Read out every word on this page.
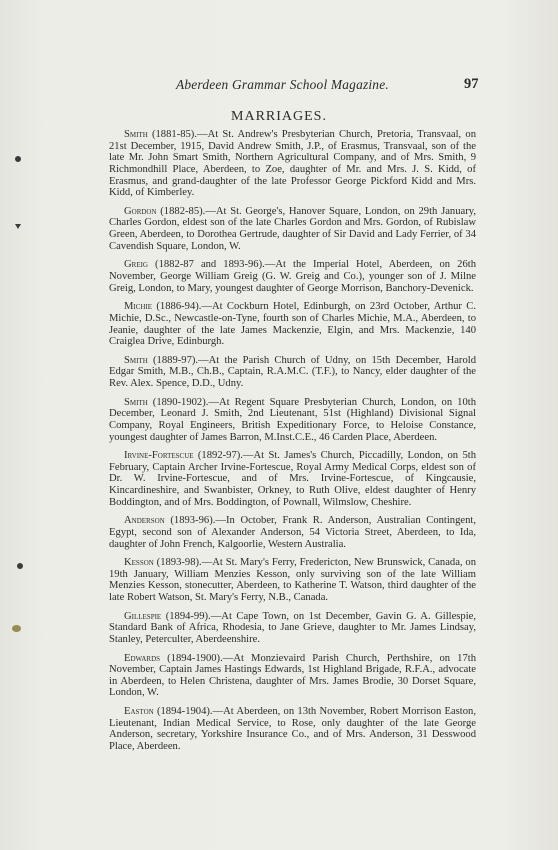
Aberdeen Grammar School Magazine.	97
MARRIAGES.

Smith (1881-85).—At St. Andrew's Presbyterian Church, Pretoria, Transvaal, on 21st December, 1915, David Andrew Smith, J.P., of Erasmus, Transvaal, son of the late Mr. John Smart Smith, Northern Agricultural Company, and of Mrs. Smith, 9 Richmondhill Place, Aberdeen, to Zoe, daughter of Mr. and Mrs. J. S. Kidd, of Erasmus, and grand-daughter of the late Professor George Pickford Kidd and Mrs. Kidd, of Kimberley.

Gordon (1882-85).—At St. George's, Hanover Square, London, on 29th January, Charles Gordon, eldest son of the late Charles Gordon and Mrs. Gordon, of Rubislaw Green, Aberdeen, to Dorothea Gertrude, daughter of Sir David and Lady Ferrier, of 34 Cavendish Square, London, W.

Greig (1882-87 and 1893-96).—At the Imperial Hotel, Aberdeen, on 26th November, George William Greig (G. W. Greig and Co.), younger son of J. Milne Greig, London, to Mary, youngest daughter of George Morrison, Banchory-Devenick.

Michie (1886-94).—At Cockburn Hotel, Edinburgh, on 23rd October, Arthur C. Michie, D.Sc., Newcastle-on-Tyne, fourth son of Charles Michie, M.A., Aberdeen, to Jeanie, daughter of the late James Mackenzie, Elgin, and Mrs. Mackenzie, 140 Craiglea Drive, Edinburgh.

Smith (1889-97).—At the Parish Church of Udny, on 15th December, Harold Edgar Smith, M.B., Ch.B., Captain, R.A.M.C. (T.F.), to Nancy, elder daughter of the Rev. Alex. Spence, D.D., Udny.

Smith (1890-1902).—At Regent Square Presbyterian Church, London, on 10th December, Leonard J. Smith, 2nd Lieutenant, 51st (Highland) Divisional Signal Company, Royal Engineers, British Expeditionary Force, to Heloise Constance, youngest daughter of James Barron, M.Inst.C.E., 46 Carden Place, Aberdeen.

Irvine-Fortescue (1892-97).—At St. James's Church, Piccadilly, London, on 5th February, Captain Archer Irvine-Fortescue, Royal Army Medical Corps, eldest son of Dr. W. Irvine-Fortescue, and of Mrs. Irvine-Fortescue, of Kingcausie, Kincardineshire, and Swanbister, Orkney, to Ruth Olive, eldest daughter of Henry Boddington, and of Mrs. Boddington, of Pownall, Wilmslow, Cheshire.

Anderson (1893-96).—In October, Frank R. Anderson, Australian Contingent, Egypt, second son of Alexander Anderson, 54 Victoria Street, Aberdeen, to Ida, daughter of John French, Kalgoorlie, Western Australia.

Kesson (1893-98).—At St. Mary's Ferry, Fredericton, New Brunswick, Canada, on 19th January, William Menzies Kesson, only surviving son of the late William Menzies Kesson, stonecutter, Aberdeen, to Katherine T. Watson, third daughter of the late Robert Watson, St. Mary's Ferry, N.B., Canada.

Gillespie (1894-99).—At Cape Town, on 1st December, Gavin G. A. Gillespie, Standard Bank of Africa, Rhodesia, to Jane Grieve, daughter to Mr. James Lindsay, Stanley, Peterculter, Aberdeenshire.

Edwards (1894-1900).—At Monzievaird Parish Church, Perthshire, on 17th November, Captain James Hastings Edwards, 1st Highland Brigade, R.F.A., advocate in Aberdeen, to Helen Christena, daughter of Mrs. James Brodie, 30 Dorset Square, London, W.

Easton (1894-1904).—At Aberdeen, on 13th November, Robert Morrison Easton, Lieutenant, Indian Medical Service, to Rose, only daughter of the late George Anderson, secretary, Yorkshire Insurance Co., and of Mrs. Anderson, 31 Desswood Place, Aberdeen.
